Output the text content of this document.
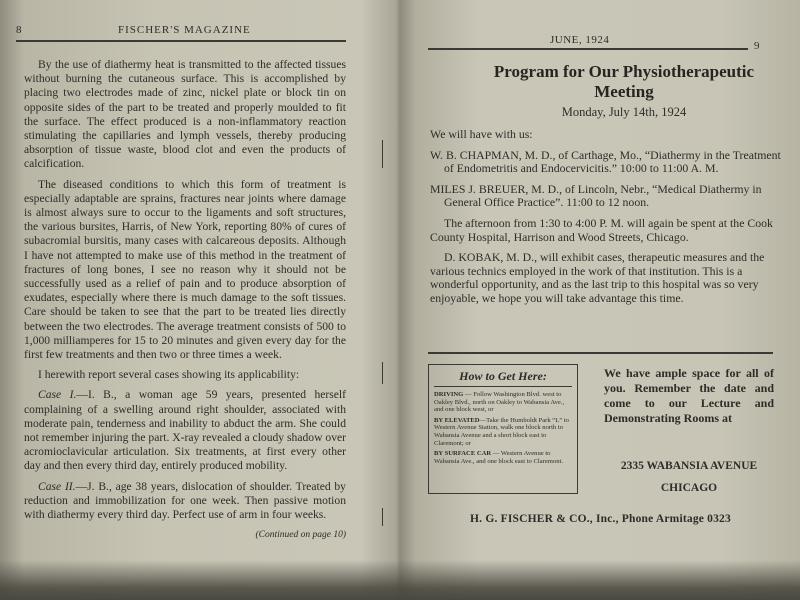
8	FISCHER'S MAGAZINE

By the use of diathermy heat is transmitted to the affected tissues without burning the cutaneous surface. This is accomplished by placing two electrodes made of zinc, nickel plate or block tin on opposite sides of the part to be treated and properly moulded to fit the surface. The effect produced is a non-inflammatory reaction stimulating the capillaries and lymph vessels, thereby producing absorption of tissue waste, blood clot and even the products of calcification.

The diseased conditions to which this form of treatment is especially adaptable are sprains, fractures near joints where damage is almost always sure to occur to the ligaments and soft structures, the various bursites, Harris, of New York, reporting 80% of cures of subacromial bursitis, many cases with calcareous deposits. Although I have not attempted to make use of this method in the treatment of fractures of long bones, I see no reason why it should not be successfully used as a relief of pain and to produce absorption of exudates, especially where there is much damage to the soft tissues. Care should be taken to see that the part to be treated lies directly between the two electrodes. The average treatment consists of 500 to 1,000 milliamperes for 15 to 20 minutes and given every day for the first few treatments and then two or three times a week.

I herewith report several cases showing its applicability:

Case I.—I. B., a woman age 59 years, presented herself complaining of a swelling around right shoulder, associated with moderate pain, tenderness and inability to abduct the arm. She could not remember injuring the part. X-ray revealed a cloudy shadow over acromioclavicular articulation. Six treatments, at first every other day and then every third day, entirely produced mobility.

Case II.—J. B., age 38 years, dislocation of shoulder. Treated by reduction and immobilization for one week. Then passive motion with diathermy every third day. Perfect use of arm in four weeks.

(Continued on page 10)
JUNE, 1924	9
Program for Our Physiotherapeutic
Meeting
Monday, July 14th, 1924

We will have with us:

W. B. CHAPMAN, M. D., of Carthage, Mo., “Diathermy in the Treatment of Endometritis and Endocervicitis.” 10:00 to 11:00 A. M.

MILES J. BREUER, M. D., of Lincoln, Nebr., “Medical Diathermy in General Office Practice”. 11:00 to 12 noon.

The afternoon from 1:30 to 4:00 P. M. will again be spent at the Cook County Hospital, Harrison and Wood Streets, Chicago.

D. KOBAK, M. D., will exhibit cases, therapeutic measures and the various technics employed in the work of that institution. This is a wonderful opportunity, and as the last trip to this hospital was so very enjoyable, we hope you will take advantage this time.

How to Get Here:

DRIVING — Follow Washington Blvd. west to Oakley Blvd., north on Oakley to Wabansia Ave., and one block west, or

BY ELEVATED—Take the Humboldt Park “L” to Western Avenue Station, walk one block north to Wabansia Avenue and a short block east to Claremont; or

BY SURFACE CAR — Western Avenue to Wabansia Ave., and one block east to Claremont.

We have ample space for all of you. Remember the date and come to our Lecture and Demonstrating Rooms at
2335 WABANSIA AVENUE
CHICAGO
H. G. FISCHER & CO., Inc., Phone Armitage 0323
